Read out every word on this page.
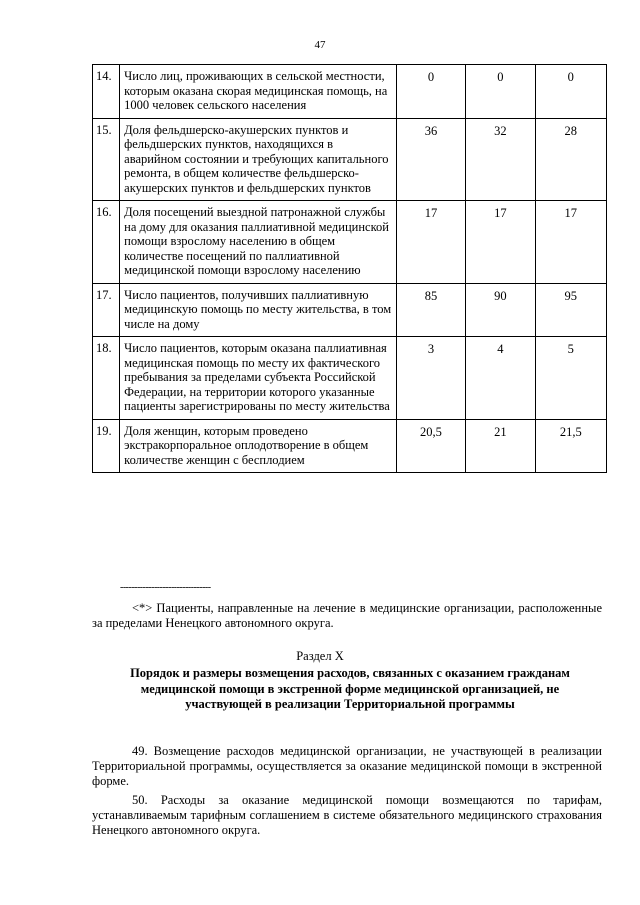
47
14.	Число лиц, проживающих в сельской местности, которым оказана скорая медицинская помощь, на 1000 человек сельского населения	0	0	0
15.	Доля фельдшерско-акушерских пунктов и фельдшерских пунктов, находящихся в аварийном состоянии и требующих капитального ремонта, в общем количестве фельдшерско-акушерских пунктов и фельдшерских пунктов	36	32	28
16.	Доля посещений выездной патронажной службы на дому для оказания паллиативной медицинской помощи взрослому населению в общем количестве посещений по паллиативной медицинской помощи взрослому населению	17	17	17
17.	Число пациентов, получивших паллиативную медицинскую помощь по месту жительства, в том числе на дому	85	90	95
18.	Число пациентов, которым оказана паллиативная медицинская помощь по месту их фактического пребывания за пределами субъекта Российской Федерации, на территории которого указанные пациенты зарегистрированы по месту жительства	3	4	5
19.	Доля женщин, которым проведено экстракорпоральное оплодотворение в общем количестве женщин с бесплодием	20,5	21	21,5
--------------------------------
<*> Пациенты, направленные на лечение в медицинские организации, расположенные за пределами Ненецкого автономного округа.
Раздел X
Порядок и размеры возмещения расходов, связанных с оказанием гражданам медицинской помощи в экстренной форме медицинской организацией, не участвующей в реализации Территориальной программы
49. Возмещение расходов медицинской организации, не участвующей в реализации Территориальной программы, осуществляется за оказание медицинской помощи в экстренной форме.
50. Расходы за оказание медицинской помощи возмещаются по тарифам, устанавливаемым тарифным соглашением в системе обязательного медицинского страхования Ненецкого автономного округа.
